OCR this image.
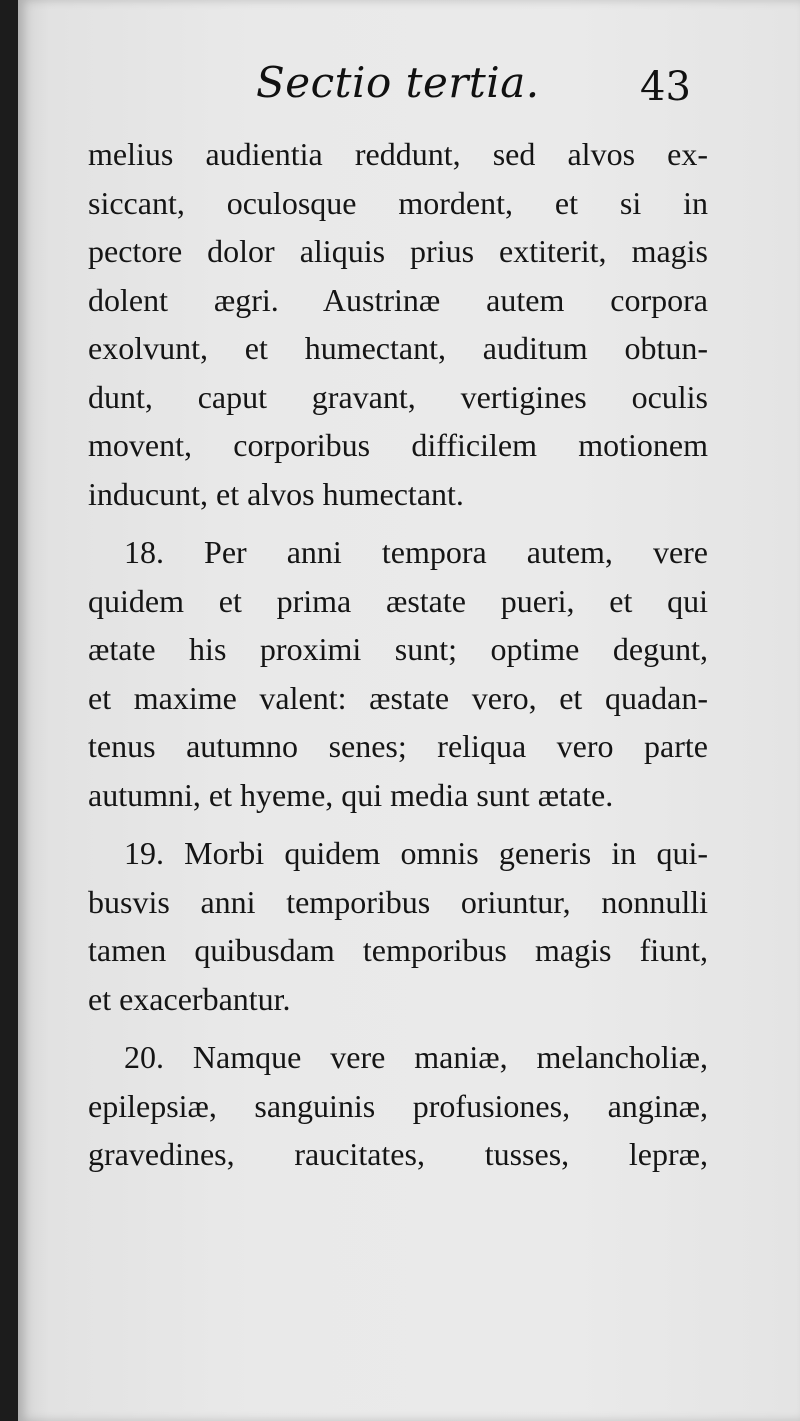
Sectio tertia.	43
melius audientia reddunt, sed alvos ex-
siccant, oculosque mordent, et si in
pectore dolor aliquis prius extiterit, magis
dolent ægri. Austrinæ autem corpora
exolvunt, et humectant, auditum obtun-
dunt, caput gravant, vertigines oculis
movent, corporibus difficilem motionem
inducunt, et alvos humectant.
18. Per anni tempora autem, vere
quidem et prima æstate pueri, et qui
ætate his proximi sunt; optime degunt,
et maxime valent: æstate vero, et quadan-
tenus autumno senes; reliqua vero parte
autumni, et hyeme, qui media sunt ætate.
19. Morbi quidem omnis generis in qui-
busvis anni temporibus oriuntur, nonnulli
tamen quibusdam temporibus magis fiunt,
et exacerbantur.
20. Namque vere maniæ, melancholiæ,
epilepsiæ, sanguinis profusiones, anginæ,
gravedines, raucitates, tusses, lepræ,
